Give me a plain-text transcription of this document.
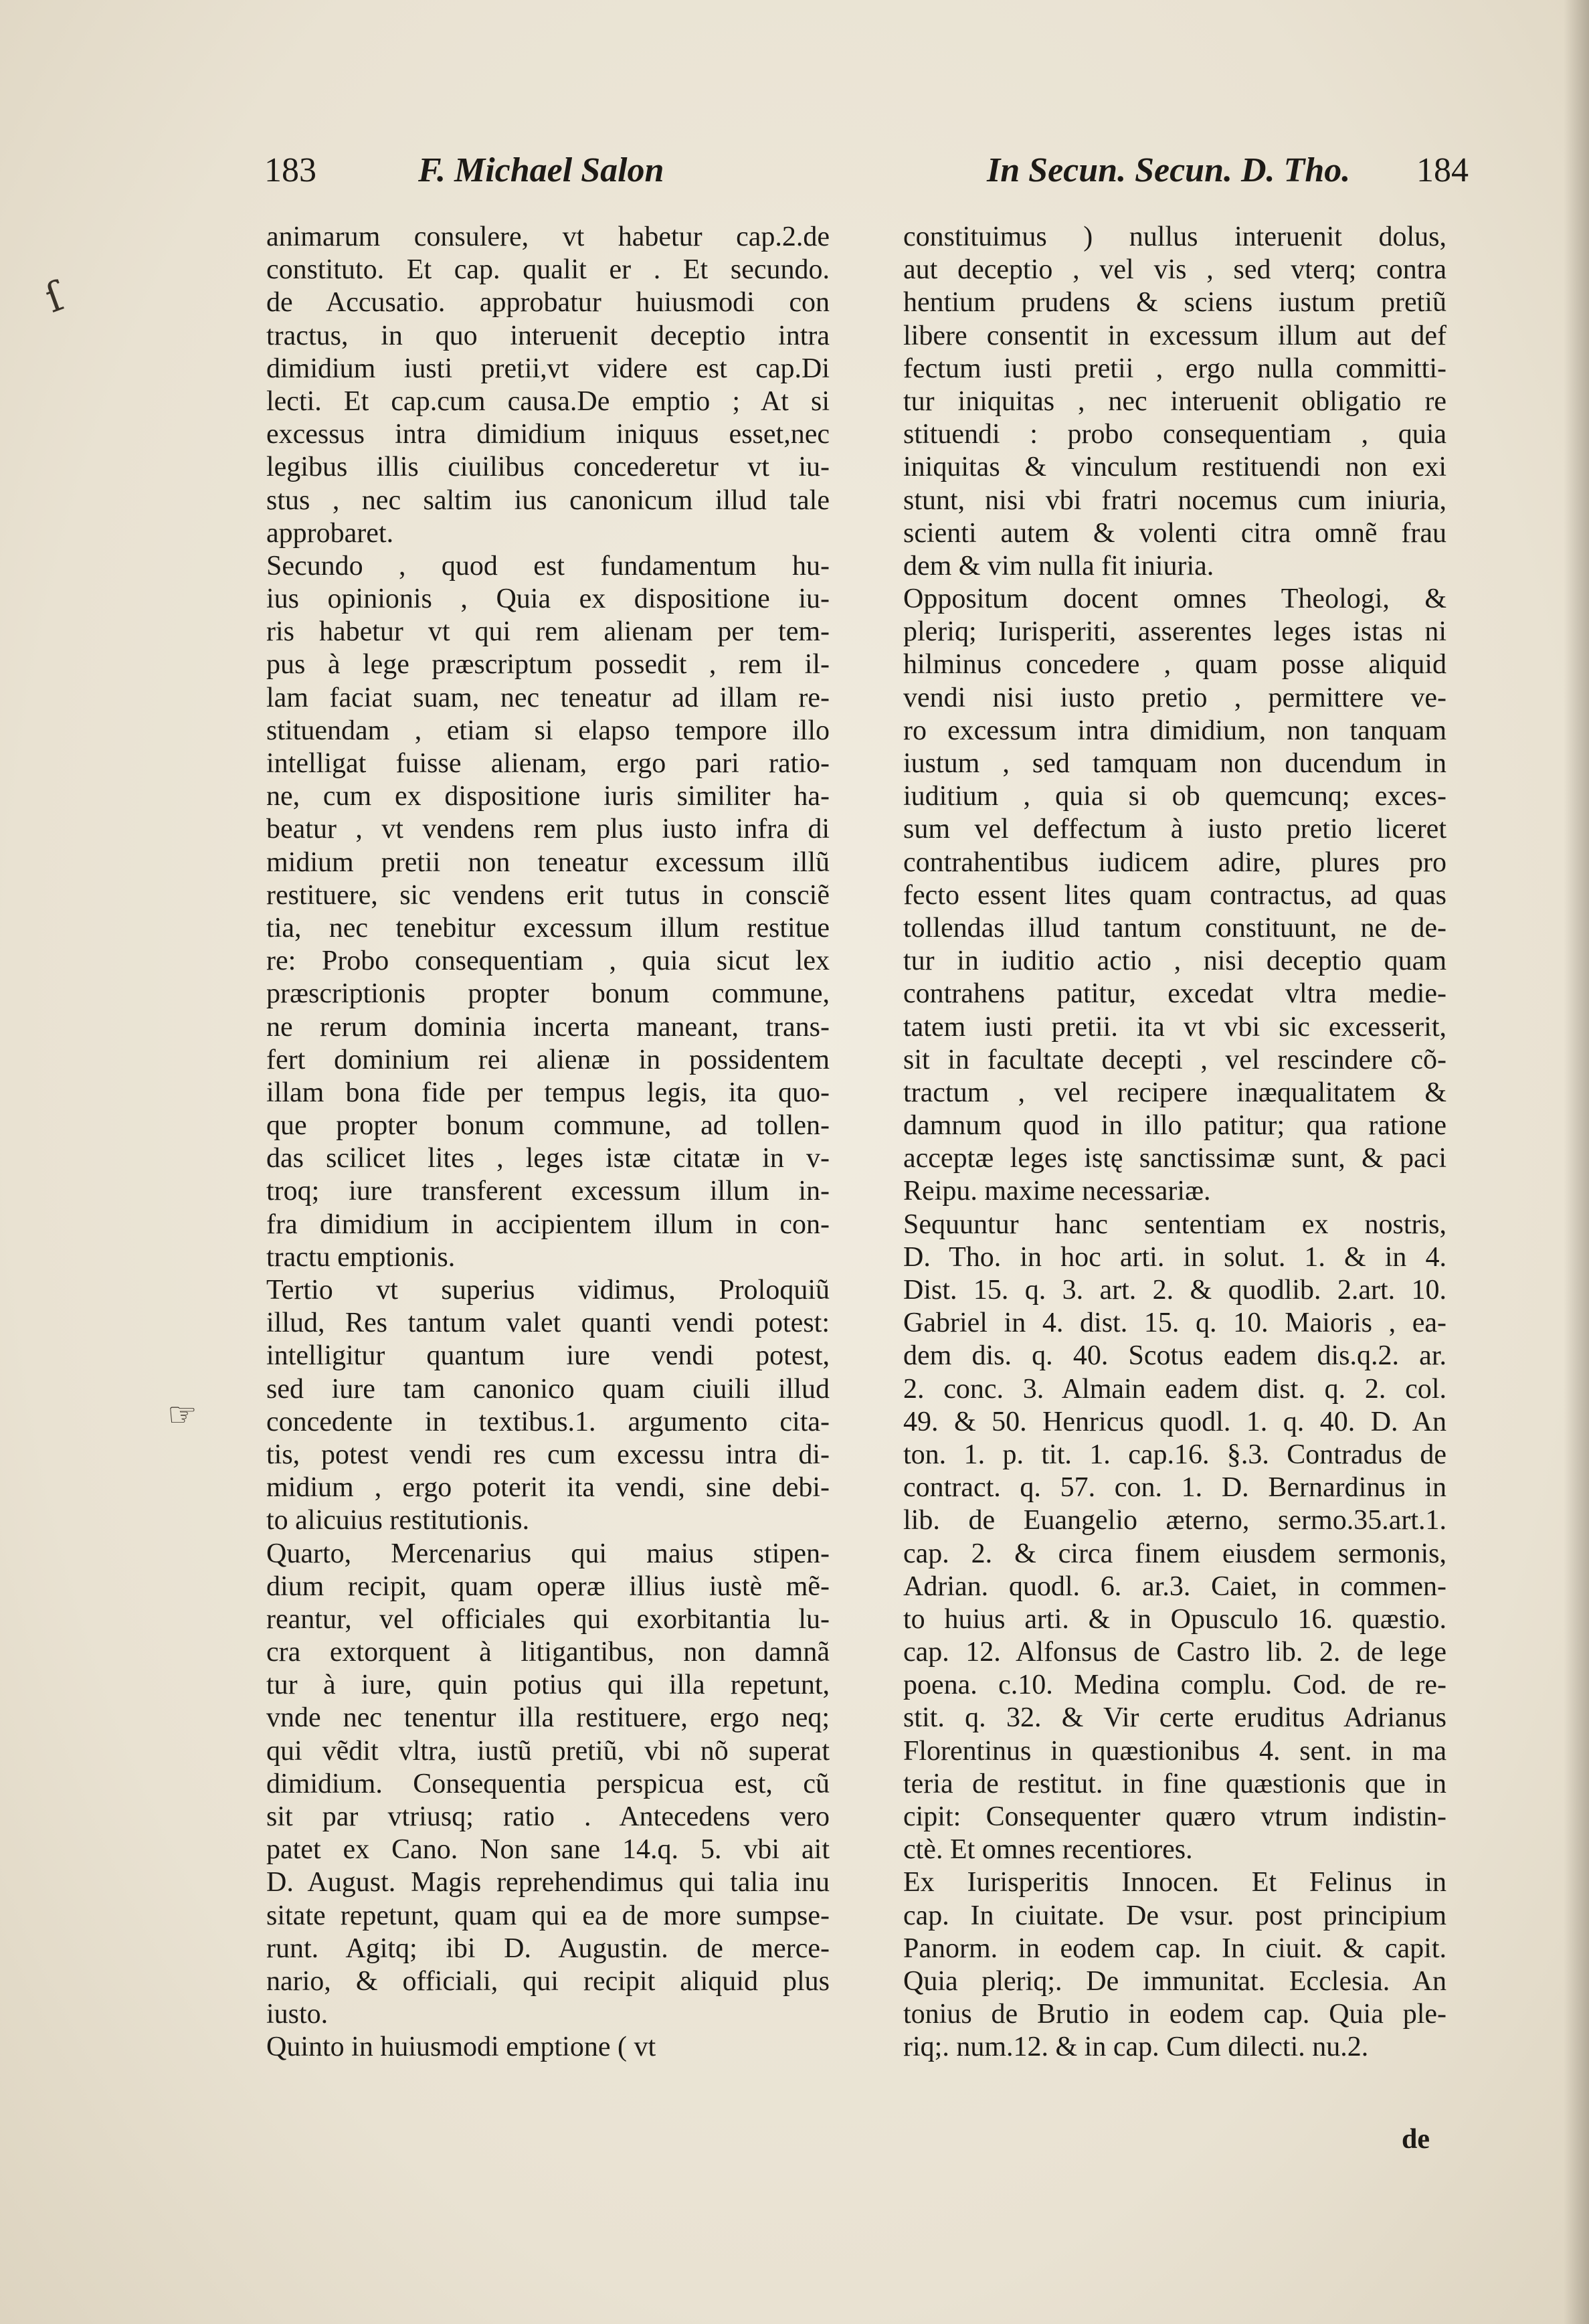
183	F. Michael Salon	In Secun. Secun. D. Tho. 184
ſ
☞
animarum consulere, vt habetur cap.2.de
constituto. Et cap. qualit er . Et secundo.
de Accusatio. approbatur huiusmodi con
tractus, in quo interuenit deceptio intra
dimidium iusti pretii,vt videre est cap.Di
lecti. Et cap.cum causa.De emptio ; At si
excessus intra dimidium iniquus esset,nec
legibus illis ciuilibus concederetur vt iu-
stus , nec saltim ius canonicum illud tale
approbaret.
Secundo , quod est fundamentum hu-
ius opinionis , Quia ex dispositione iu-
ris habetur vt qui rem alienam per tem-
pus à lege præscriptum possedit , rem il-
lam faciat suam, nec teneatur ad illam re-
stituendam , etiam si elapso tempore illo
intelligat fuisse alienam, ergo pari ratio-
ne, cum ex dispositione iuris similiter ha-
beatur , vt vendens rem plus iusto infra di
midium pretii non teneatur excessum illũ
restituere, sic vendens erit tutus in consciẽ
tia, nec tenebitur excessum illum restitue
re: Probo consequentiam , quia sicut lex
præscriptionis propter bonum commune,
ne rerum dominia incerta maneant, trans-
fert dominium rei alienæ in possidentem
illam bona fide per tempus legis, ita quo-
que propter bonum commune, ad tollen-
das scilicet lites , leges istæ citatæ in v-
troq; iure transferent excessum illum in-
fra dimidium in accipientem illum in con-
tractu emptionis.
Tertio vt superius vidimus, Proloquiũ
illud, Res tantum valet quanti vendi potest:
intelligitur quantum iure vendi potest,
sed iure tam canonico quam ciuili illud
concedente in textibus.1. argumento cita-
tis, potest vendi res cum excessu intra di-
midium , ergo poterit ita vendi, sine debi-
to alicuius restitutionis.
Quarto, Mercenarius qui maius stipen-
dium recipit, quam operæ illius iustè mẽ-
reantur, vel officiales qui exorbitantia lu-
cra extorquent à litigantibus, non damnã
tur à iure, quin potius qui illa repetunt,
vnde nec tenentur illa restituere, ergo neq;
qui vẽdit vltra, iustũ pretiũ, vbi nõ superat
dimidium. Consequentia perspicua est, cũ
sit par vtriusq; ratio . Antecedens vero
patet ex Cano. Non sane 14.q. 5. vbi ait
D. August. Magis reprehendimus qui talia inu
sitate repetunt, quam qui ea de more sumpse-
runt. Agitq; ibi D. Augustin. de merce-
nario, & officiali, qui recipit aliquid plus
iusto.
Quinto in huiusmodi emptione ( vt
constituimus ) nullus interuenit dolus,
aut deceptio , vel vis , sed vterq; contra
hentium prudens & sciens iustum pretiũ
libere consentit in excessum illum aut def
fectum iusti pretii , ergo nulla committi-
tur iniquitas , nec interuenit obligatio re
stituendi : probo consequentiam , quia
iniquitas & vinculum restituendi non exi
stunt, nisi vbi fratri nocemus cum iniuria,
scienti autem & volenti citra omnẽ frau
dem & vim nulla fit iniuria.
Oppositum docent omnes Theologi, &
pleriq; Iurisperiti, asserentes leges istas ni
hilminus concedere , quam posse aliquid
vendi nisi iusto pretio , permittere ve-
ro excessum intra dimidium, non tanquam
iustum , sed tamquam non ducendum in
iuditium , quia si ob quemcunq; exces-
sum vel deffectum à iusto pretio liceret
contrahentibus iudicem adire, plures pro
fecto essent lites quam contractus, ad quas
tollendas illud tantum constituunt, ne de-
tur in iuditio actio , nisi deceptio quam
contrahens patitur, excedat vltra medie-
tatem iusti pretii. ita vt vbi sic excesserit,
sit in facultate decepti , vel rescindere cõ-
tractum , vel recipere inæqualitatem &
damnum quod in illo patitur; qua ratione
acceptæ leges istę sanctissimæ sunt, & paci
Reipu. maxime necessariæ.
Sequuntur hanc sententiam ex nostris,
D. Tho. in hoc arti. in solut. 1. & in 4.
Dist. 15. q. 3. art. 2. & quodlib. 2.art. 10.
Gabriel in 4. dist. 15. q. 10. Maioris , ea-
dem dis. q. 40. Scotus eadem dis.q.2. ar.
2. conc. 3. Almain eadem dist. q. 2. col.
49. & 50. Henricus quodl. 1. q. 40. D. An
ton. 1. p. tit. 1. cap.16. §.3. Contradus de
contract. q. 57. con. 1. D. Bernardinus in
lib. de Euangelio æterno, sermo.35.art.1.
cap. 2. & circa finem eiusdem sermonis,
Adrian. quodl. 6. ar.3. Caiet, in commen-
to huius arti. & in Opusculo 16. quæstio.
cap. 12. Alfonsus de Castro lib. 2. de lege
poena. c.10. Medina complu. Cod. de re-
stit. q. 32. & Vir certe eruditus Adrianus
Florentinus in quæstionibus 4. sent. in ma
teria de restitut. in fine quæstionis que in
cipit: Consequenter quæro vtrum indistin-
ctè. Et omnes recentiores.
Ex Iurisperitis Innocen. Et Felinus in
cap. In ciuitate. De vsur. post principium
Panorm. in eodem cap. In ciuit. & capit.
Quia pleriq;. De immunitat. Ecclesia. An
tonius de Brutio in eodem cap. Quia ple-
riq;. num.12. & in cap. Cum dilecti. nu.2.
de
